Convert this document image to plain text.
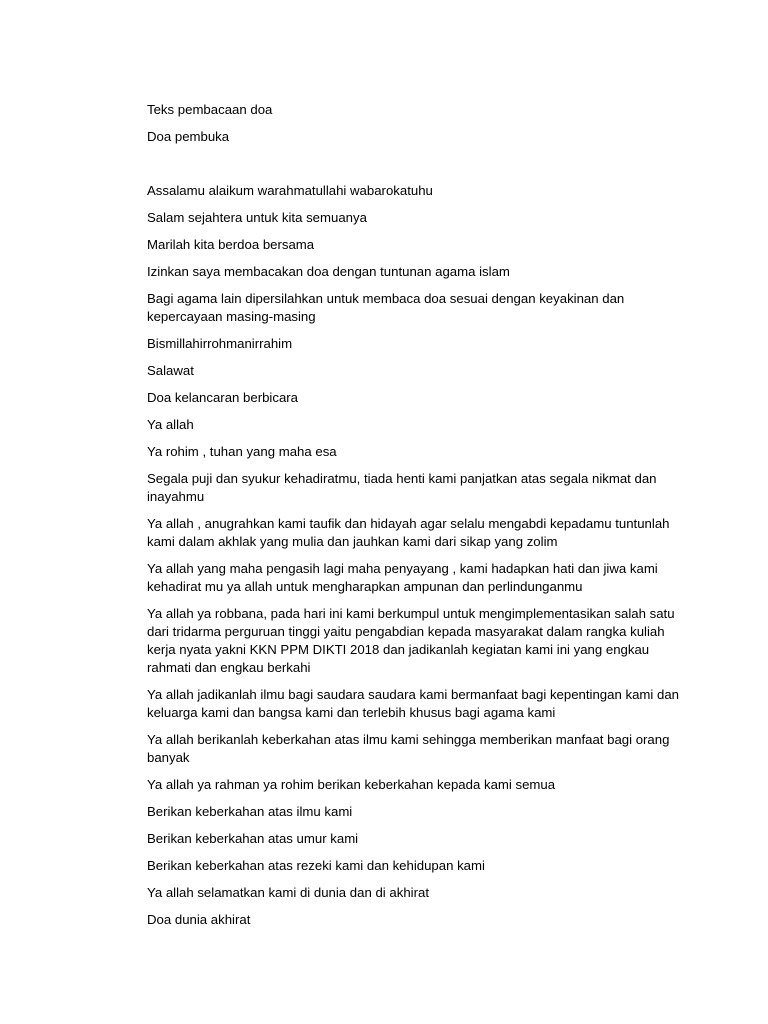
Teks pembacaan doa

Doa pembuka

Assalamu alaikum warahmatullahi wabarokatuhu

Salam sejahtera untuk kita semuanya

Marilah kita berdoa bersama

Izinkan saya membacakan doa dengan tuntunan agama islam

Bagi agama lain dipersilahkan untuk membaca doa sesuai dengan keyakinan dan kepercayaan masing-masing

Bismillahirrohmanirrahim

Salawat

Doa kelancaran berbicara

Ya allah

Ya rohim , tuhan yang maha esa

Segala puji dan syukur kehadiratmu, tiada henti kami panjatkan atas segala nikmat dan inayahmu

Ya allah , anugrahkan kami taufik dan hidayah agar selalu mengabdi kepadamu tuntunlah kami dalam akhlak yang mulia dan jauhkan kami dari sikap yang zolim

Ya allah yang maha pengasih lagi maha penyayang , kami hadapkan hati dan jiwa kami kehadirat mu ya allah untuk mengharapkan ampunan dan perlindunganmu

Ya allah ya robbana, pada hari ini kami berkumpul untuk mengimplementasikan salah satu dari tridarma perguruan tinggi yaitu pengabdian kepada masyarakat dalam rangka kuliah kerja nyata yakni KKN PPM DIKTI 2018 dan jadikanlah kegiatan kami ini yang engkau rahmati dan engkau berkahi

Ya allah jadikanlah ilmu bagi saudara saudara kami bermanfaat bagi kepentingan kami dan keluarga kami dan bangsa kami dan terlebih khusus bagi agama kami

Ya allah berikanlah keberkahan atas ilmu kami sehingga memberikan manfaat bagi orang banyak

Ya allah ya rahman ya rohim berikan keberkahan kepada kami semua

Berikan keberkahan atas ilmu kami

Berikan keberkahan atas umur kami

Berikan keberkahan atas rezeki kami dan kehidupan kami

Ya allah selamatkan kami di dunia dan di akhirat

Doa dunia akhirat
